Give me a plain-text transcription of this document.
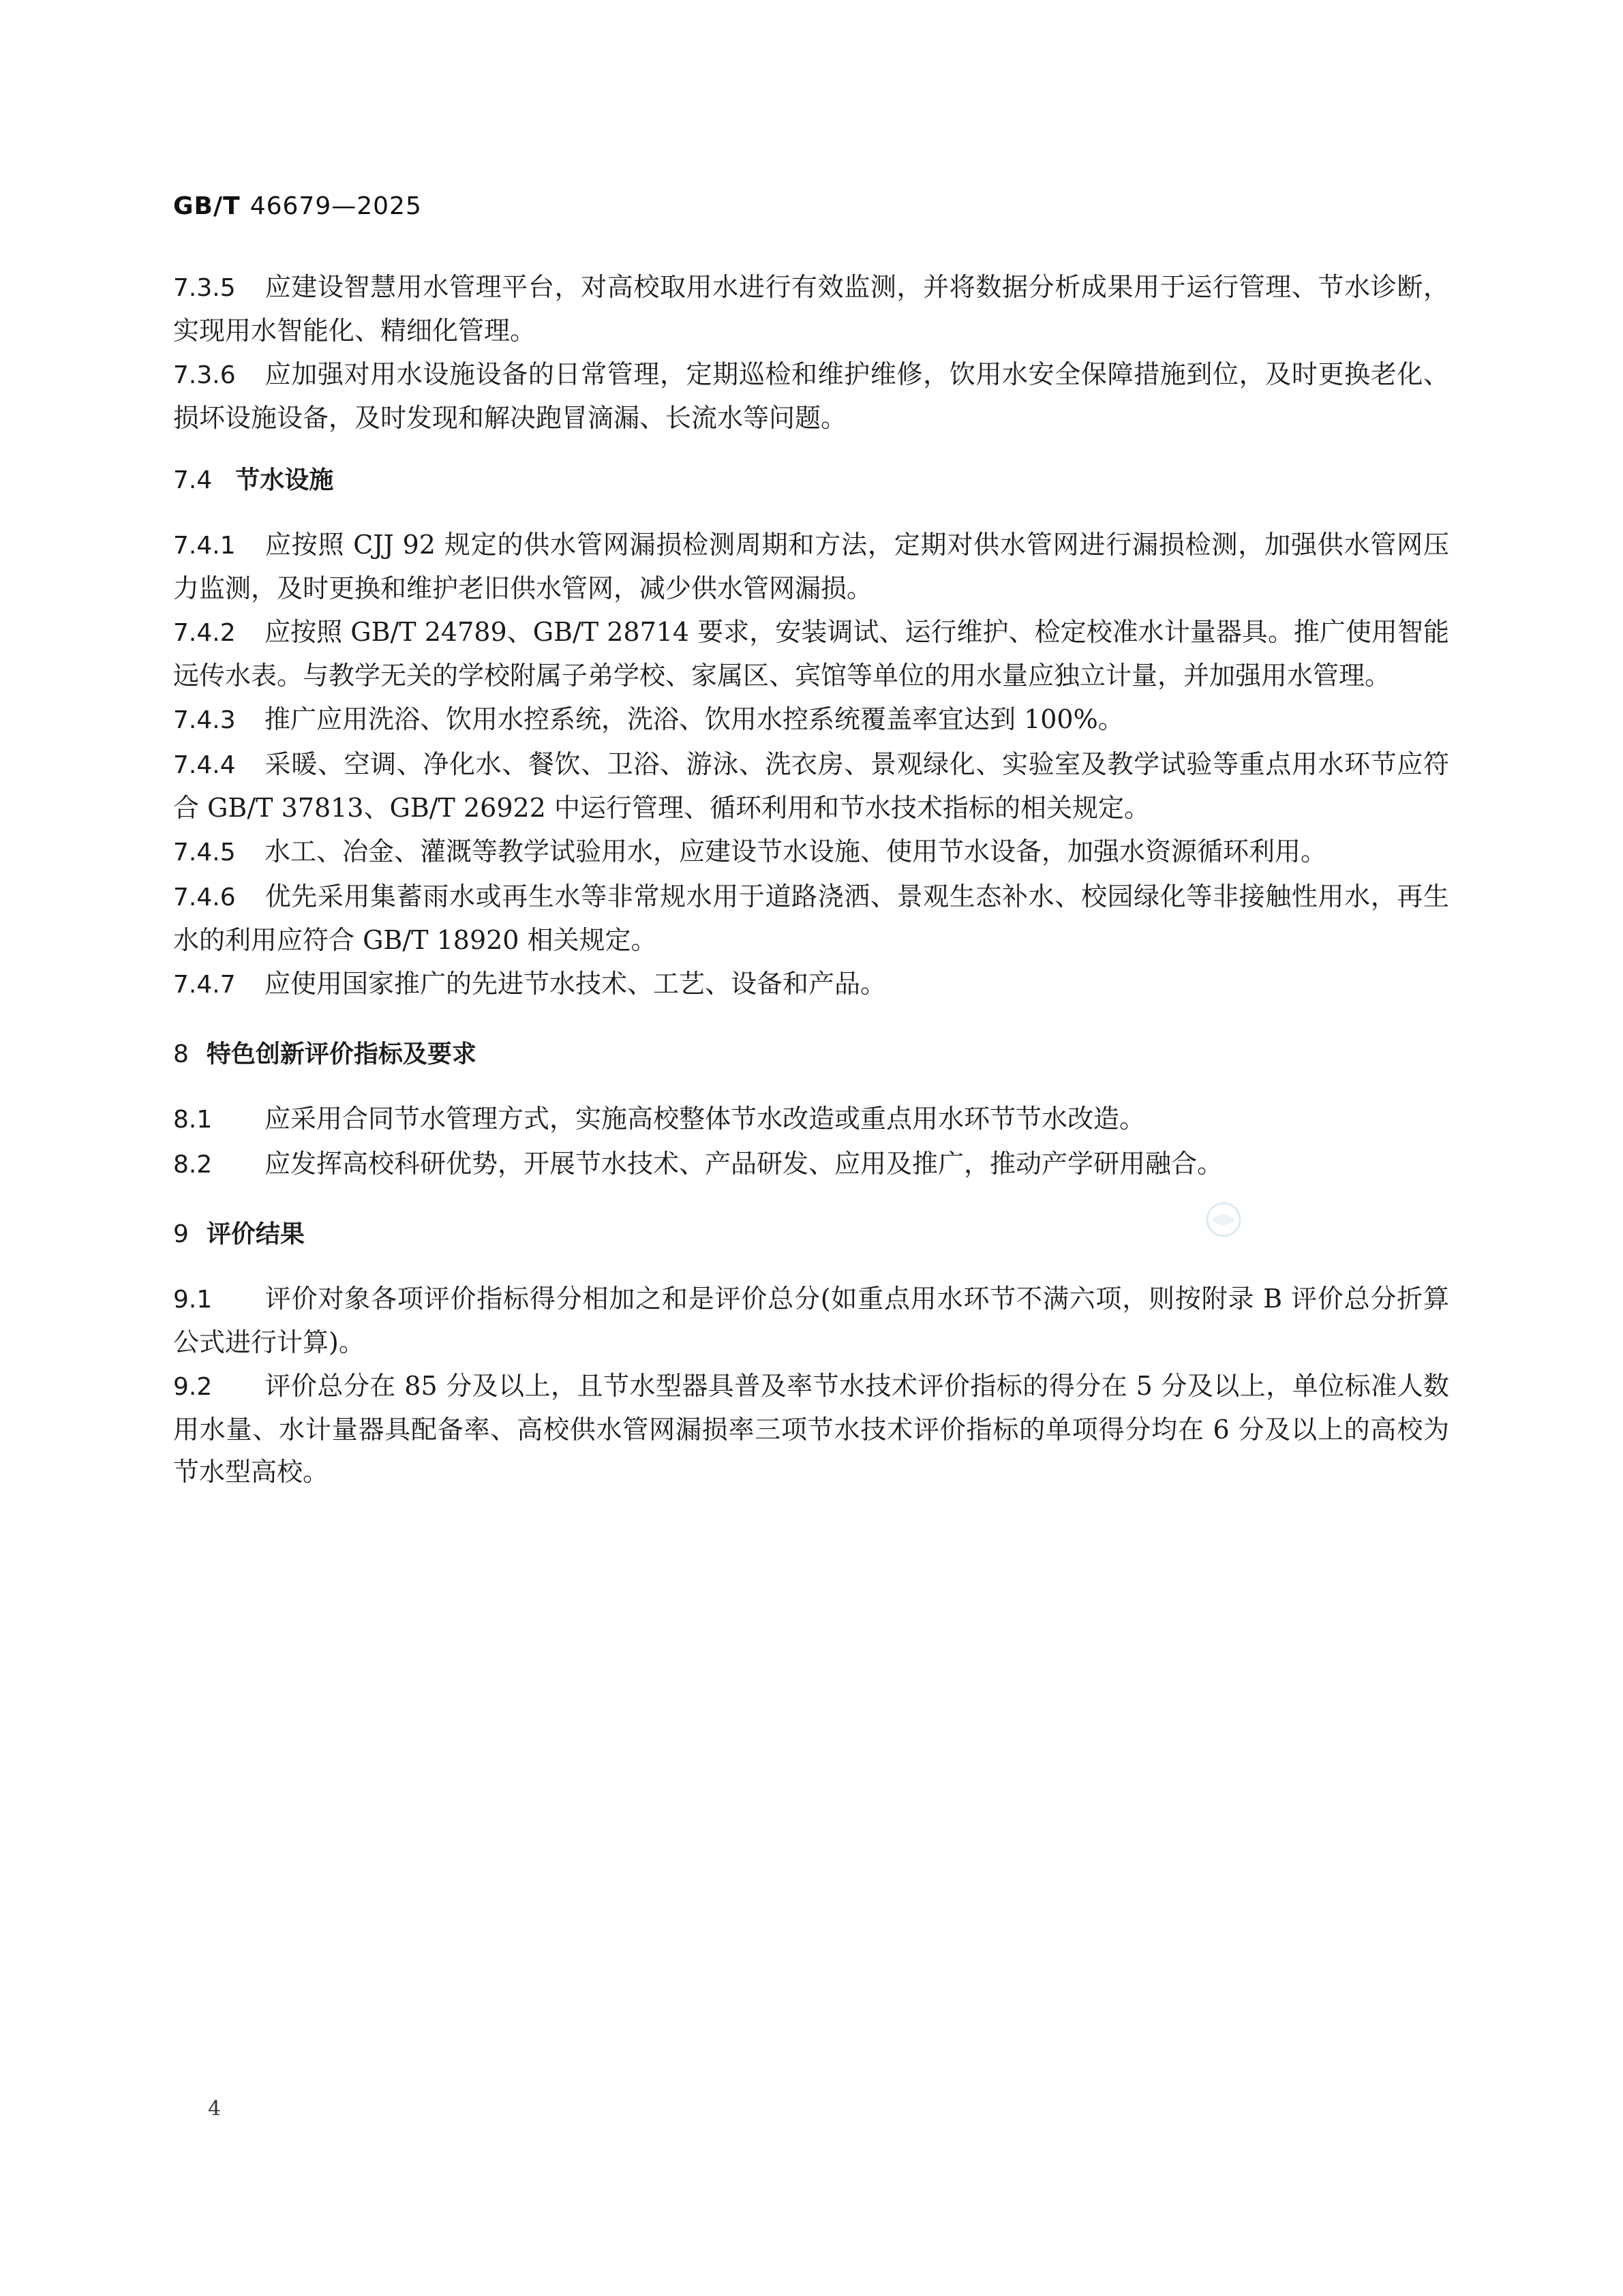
GB/T 46679—2025

7.3.5 应建设智慧用水管理平台，对高校取用水进行有效监测，并将数据分析成果用于运行管理、节水诊断，实现用水智能化、精细化管理。

7.3.6 应加强对用水设施设备的日常管理，定期巡检和维护维修，饮用水安全保障措施到位，及时更换老化、损坏设施设备，及时发现和解决跑冒滴漏、长流水等问题。

7.4 节水设施

7.4.1 应按照 CJJ 92 规定的供水管网漏损检测周期和方法，定期对供水管网进行漏损检测，加强供水管网压力监测，及时更换和维护老旧供水管网，减少供水管网漏损。

7.4.2 应按照 GB/T 24789、GB/T 28714 要求，安装调试、运行维护、检定校准水计量器具。推广使用智能远传水表。与教学无关的学校附属子弟学校、家属区、宾馆等单位的用水量应独立计量，并加强用水管理。

7.4.3 推广应用洗浴、饮用水控系统，洗浴、饮用水控系统覆盖率宜达到 100%。

7.4.4 采暖、空调、净化水、餐饮、卫浴、游泳、洗衣房、景观绿化、实验室及教学试验等重点用水环节应符合 GB/T 37813、GB/T 26922 中运行管理、循环利用和节水技术指标的相关规定。

7.4.5 水工、冶金、灌溉等教学试验用水，应建设节水设施、使用节水设备，加强水资源循环利用。

7.4.6 优先采用集蓄雨水或再生水等非常规水用于道路浇洒、景观生态补水、校园绿化等非接触性用水，再生水的利用应符合 GB/T 18920 相关规定。

7.4.7 应使用国家推广的先进节水技术、工艺、设备和产品。

8 特色创新评价指标及要求

8.1 应采用合同节水管理方式，实施高校整体节水改造或重点用水环节节水改造。

8.2 应发挥高校科研优势，开展节水技术、产品研发、应用及推广，推动产学研用融合。

9 评价结果

9.1 评价对象各项评价指标得分相加之和是评价总分(如重点用水环节不满六项，则按附录 B 评价总分折算公式进行计算)。

9.2 评价总分在 85 分及以上，且节水型器具普及率节水技术评价指标的得分在 5 分及以上，单位标准人数用水量、水计量器具配备率、高校供水管网漏损率三项节水技术评价指标的单项得分均在 6 分及以上的高校为节水型高校。

4
